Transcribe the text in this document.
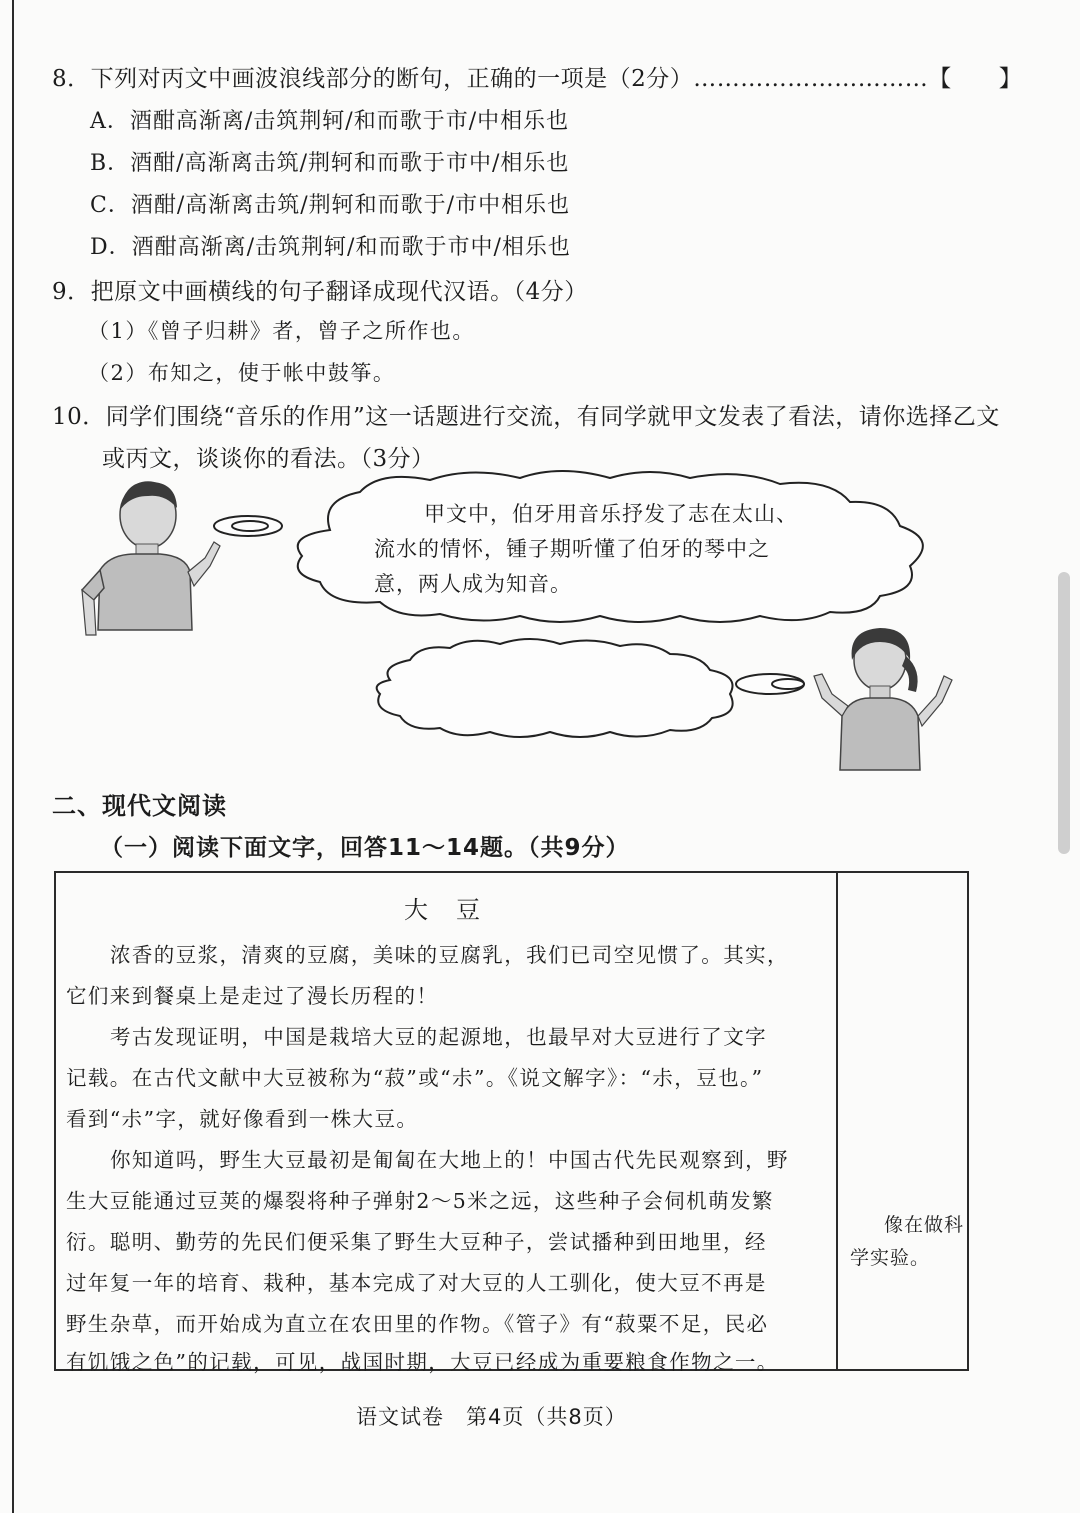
8．下列对丙文中画波浪线部分的断句，正确的一项是（2分）…………………………【　　】
A．酒酣高渐离/击筑荆轲/和而歌于市/中相乐也
B．酒酣/高渐离击筑/荆轲和而歌于市中/相乐也
C．酒酣/高渐离击筑/荆轲和而歌于/市中相乐也
D．酒酣高渐离/击筑荆轲/和而歌于市中/相乐也
9．把原文中画横线的句子翻译成现代汉语。（4分）
（1）《曾子归耕》者，曾子之所作也。
（2）布知之，使于帐中鼓筝。
10．同学们围绕“音乐的作用”这一话题进行交流，有同学就甲文发表了看法，请你选择乙文
或丙文，谈谈你的看法。（3分）
甲文中，伯牙用音乐抒发了志在太山、
流水的情怀，锺子期听懂了伯牙的琴中之
意，两人成为知音。
二、现代文阅读
（一）阅读下面文字，回答11～14题。（共9分）
大　豆
浓香的豆浆，清爽的豆腐，美味的豆腐乳，我们已司空见惯了。其实，
它们来到餐桌上是走过了漫长历程的！
考古发现证明，中国是栽培大豆的起源地，也最早对大豆进行了文字
记载。在古代文献中大豆被称为“菽”或“尗”。《说文解字》：“尗，豆也。”
看到“尗”字，就好像看到一株大豆。
你知道吗，野生大豆最初是匍匐在大地上的！中国古代先民观察到，野
生大豆能通过豆荚的爆裂将种子弹射2～5米之远，这些种子会伺机萌发繁
衍。聪明、勤劳的先民们便采集了野生大豆种子，尝试播种到田地里，经
过年复一年的培育、栽种，基本完成了对大豆的人工驯化，使大豆不再是
野生杂草，而开始成为直立在农田里的作物。《管子》有“菽粟不足，民必
有饥饿之色”的记载，可见，战国时期，大豆已经成为重要粮食作物之一。
像在做科
学实验。
语文试卷　第4页（共8页）
